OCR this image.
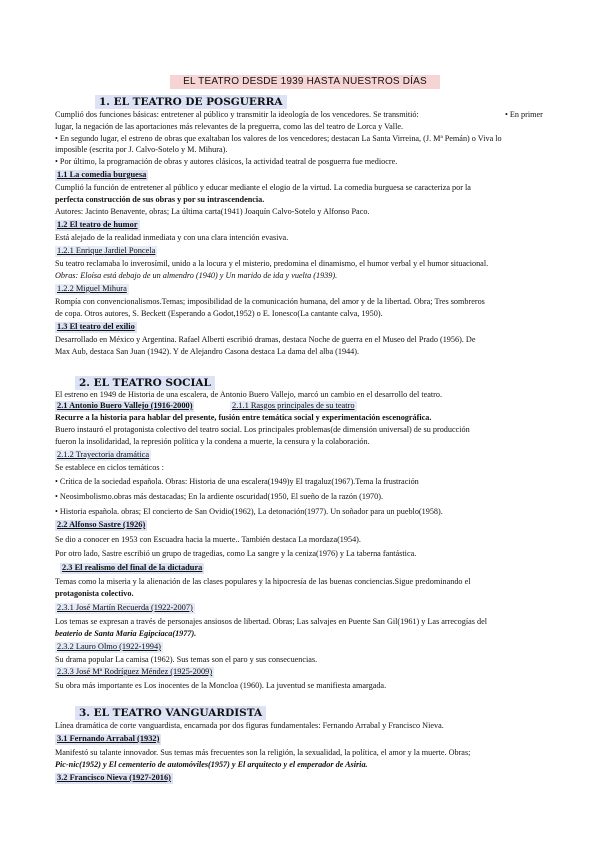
EL TEATRO DESDE 1939 HASTA NUESTROS DÍAS
1. EL TEATRO DE POSGUERRA
Cumplió dos funciones básicas: entretener al público y transmitir la ideología de los vencedores. Se transmitió:	• En primer
lugar, la negación de las aportaciones más relevantes de la preguerra, como las del teatro de Lorca y Valle.
• En segundo lugar, el estreno de obras que exaltaban los valores de los vencedores; destacan La Santa Virreina, (J. Mª Pemán) o Viva lo
imposible (escrita por J. Calvo-Sotelo y M. Mihura).
• Por último, la programación de obras y autores clásicos, la actividad teatral de posguerra fue mediocre.
1.1 La comedia burguesa
Cumplió la función de entretener al público y educar mediante el elogio de la virtud. La comedia burguesa se caracteriza por la
perfecta construcción de sus obras y por su intrascendencia.
Autores: Jacinto Benavente, obras; La última carta(1941) Joaquín Calvo-Sotelo y Alfonso Paco.
1.2 El teatro de humor
Está alejado de la realidad inmediata y con una clara intención evasiva.
1.2.1 Enrique Jardiel Poncela
Su teatro reclamaba lo inverosímil, unido a la locura y el misterio, predomina el dinamismo, el humor verbal y el humor situacional.
Obras: Eloísa está debajo de un almendro (1940) y Un marido de ida y vuelta (1939).
1.2.2 Miguel Mihura
Rompía con convencionalismos.Temas; imposibilidad de la comunicación humana, del amor y de la libertad. Obra; Tres sombreros
de copa. Otros autores, S. Beckett (Esperando a Godot,1952) o E. Ionesco(La cantante calva, 1950).
1.3 El teatro del exilio
Desarrollado en México y Argentina. Rafael Alberti escribió dramas, destaca Noche de guerra en el Museo del Prado (1956). De
Max Aub, destaca San Juan (1942). Y de Alejandro Casona destaca La dama del alba (1944).
2. EL TEATRO SOCIAL
El estreno en 1949 de Historia de una escalera, de Antonio Buero Vallejo, marcó un cambio en el desarrollo del teatro.
2.1 Antonio Buero Vallejo (1916-2000)	2.1.1 Rasgos principales de su teatro
Recurre a la historia para hablar del presente, fusión entre temática social y experimentación escenográfica.
Buero instauró el protagonista colectivo del teatro social. Los principales problemas(de dimensión universal) de su producción
fueron la insolidaridad, la represión política y la condena a muerte, la censura y la colaboración.
2.1.2 Trayectoria dramática
Se establece en ciclos temáticos :
• Crítica de la sociedad española. Obras: Historia de una escalera(1949)y El tragaluz(1967).Tema la frustración
• Neosimbolismo.obras más destacadas; En la ardiente oscuridad(1950, El sueño de la razón (1970).
• Historia española. obras; El concierto de San Ovidio(1962), La detonación(1977). Un soñador para un pueblo(1958).
2.2 Alfonso Sastre (1926)
Se dio a conocer en 1953 con Escuadra hacia la muerte.. También destaca La mordaza(1954).
Por otro lado, Sastre escribió un grupo de tragedias, como La sangre y la ceniza(1976) y La taberna fantástica.
2.3 El realismo del final de la dictadura
Temas como la miseria y la alienación de las clases populares y la hipocresía de las buenas conciencias.Sigue predominando el
protagonista colectivo.
2.3.1 José Martín Recuerda (1922-2007)
Los temas se expresan a través de personajes ansiosos de libertad. Obras; Las salvajes en Puente San Gil(1961) y Las arrecogías del
beaterio de Santa María Egipciaca(1977).
2.3.2 Lauro Olmo (1922-1994)
Su drama popular La camisa (1962). Sus temas son el paro y sus consecuencias.
2.3.3 José Mª Rodríguez Méndez (1925-2009)
Su obra más importante es Los inocentes de la Moncloa (1960). La juventud se manifiesta amargada.
3. EL TEATRO VANGUARDISTA
Línea dramática de corte vanguardista, encarnada por dos figuras fundamentales: Fernando Arrabal y Francisco Nieva.
3.1 Fernando Arrabal (1932)
Manifestó su talante innovador. Sus temas más frecuentes son la religión, la sexualidad, la política, el amor y la muerte. Obras;
Pic-nic(1952) y El cementerio de automóviles(1957) y El arquitecto y el emperador de Asiria.
3.2 Francisco Nieva (1927-2016)
